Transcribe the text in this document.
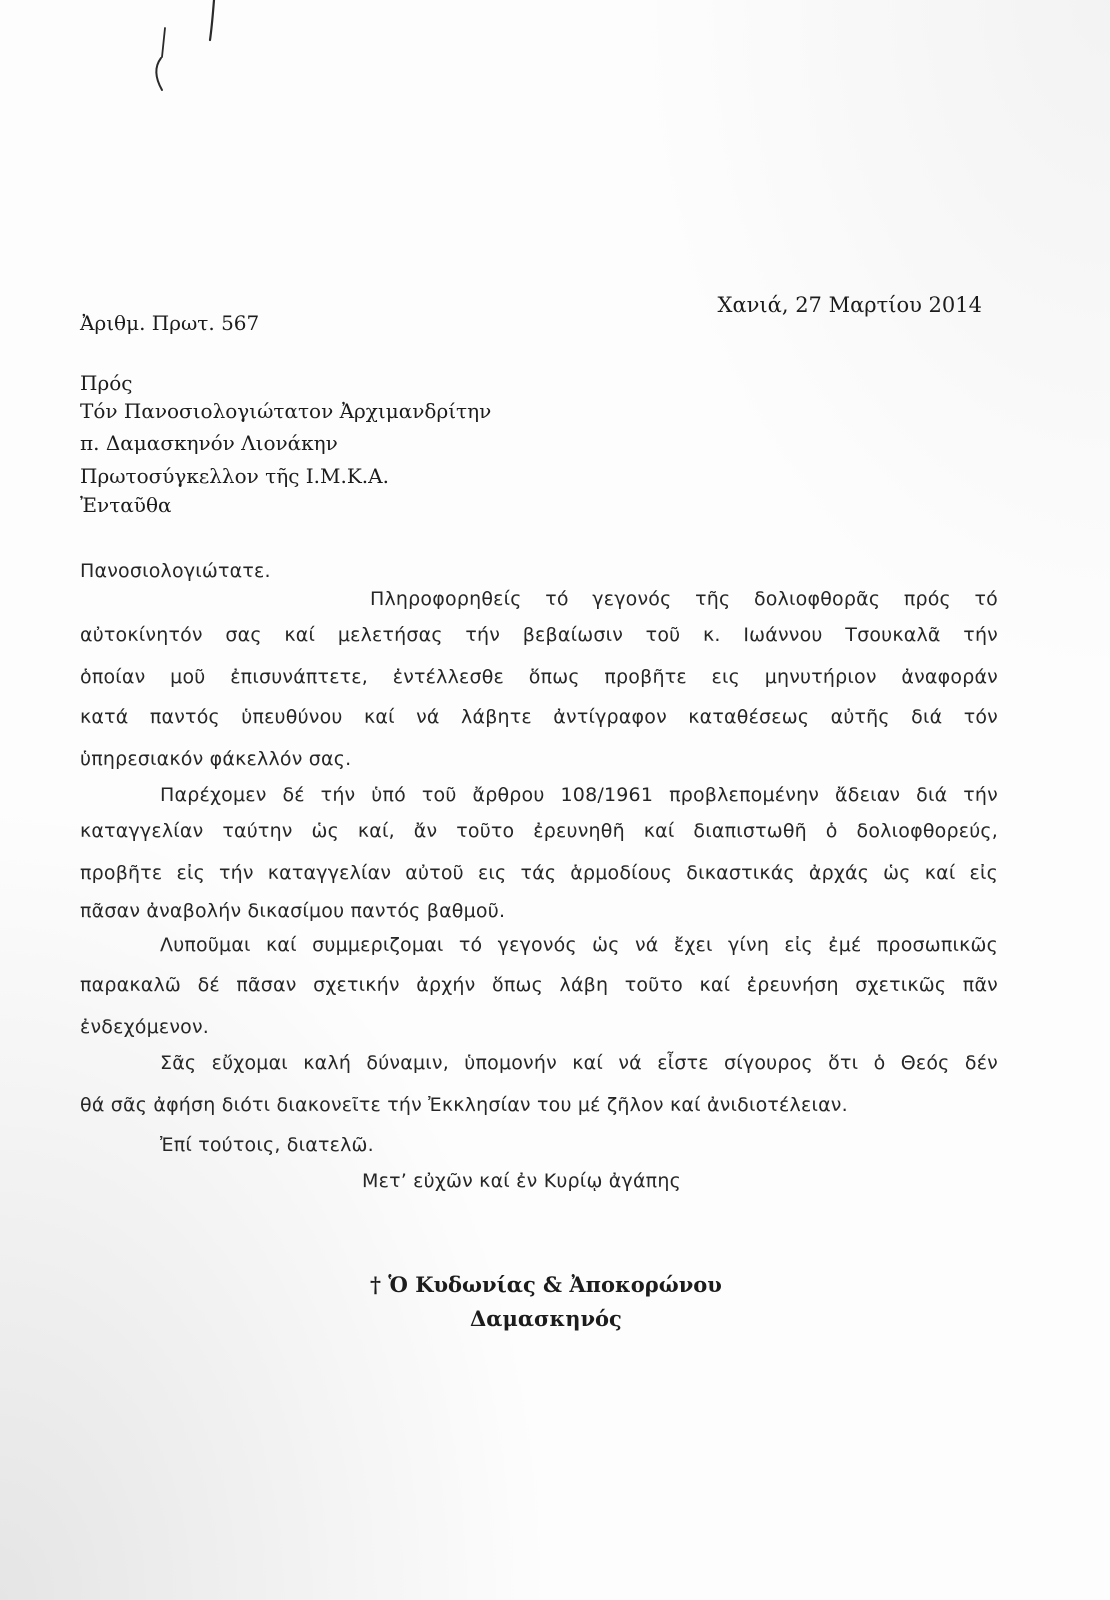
Ἀριθμ. Πρωτ. 567
Χανιά, 27 Μαρτίου 2014
Πρός
Τόν Πανοσιολογιώτατον Ἀρχιμανδρίτην
π. Δαμασκηνόν Λιονάκην
Πρωτοσύγκελλον τῆς Ι.Μ.Κ.Α.
Ἐνταῦθα
Πανοσιολογιώτατε.
Πληροφορηθείς τό γεγονός τῆς δολιοφθορᾶς πρός τό
αὐτοκίνητόν σας καί μελετήσας τήν βεβαίωσιν τοῦ κ. Ιωάννου Τσουκαλᾶ τήν
ὁποίαν μοῦ ἐπισυνάπτετε, ἐντέλλεσθε ὅπως προβῆτε εις μηνυτήριον ἀναφοράν
κατά παντός ὑπευθύνου καί νά λάβητε ἀντίγραφον καταθέσεως αὐτῆς διά τόν
ὑπηρεσιακόν φάκελλόν σας.
Παρέχομεν δέ τήν ὑπό τοῦ ἄρθρου 108/1961 προβλεπομένην ἄδειαν διά τήν
καταγγελίαν ταύτην ὡς καί, ἄν τοῦτο ἐρευνηθῆ καί διαπιστωθῆ ὁ δολιοφθορεύς,
προβῆτε εἰς τήν καταγγελίαν αὐτοῦ εις τάς ἁρμοδίους δικαστικάς ἀρχάς ὡς καί εἰς
πᾶσαν ἀναβολήν δικασίμου παντός βαθμοῦ.
Λυποῦμαι καί συμμεριζομαι τό γεγονός ὡς νά ἔχει γίνη εἰς ἐμέ προσωπικῶς
παρακαλῶ δέ πᾶσαν σχετικήν ἀρχήν ὅπως λάβη τοῦτο καί ἐρευνήση σχετικῶς πᾶν
ἐνδεχόμενον.
Σᾶς εὔχομαι καλή δύναμιν, ὑπομονήν καί νά εἶστε σίγουρος ὅτι ὁ Θεός δέν
θά σᾶς ἀφήση διότι διακονεῖτε τήν Ἐκκλησίαν του μέ ζῆλον καί ἀνιδιοτέλειαν.
Ἐπί τούτοις, διατελῶ.
Μετ’ εὐχῶν καί ἐν Κυρίῳ ἀγάπης
† Ὁ Κυδωνίας & Ἀποκορώνου
Δαμασκηνός
